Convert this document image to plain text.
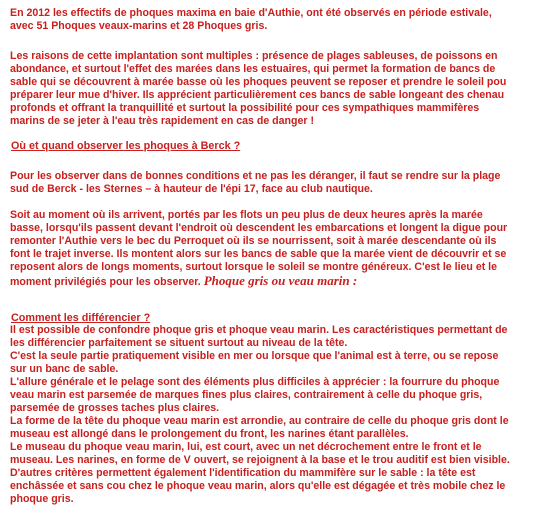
En 2012 les effectifs de phoques maxima en baie d'Authie, ont été observés en période estivale,
avec 51 Phoques veaux-marins et 28 Phoques gris.

Les raisons de cette implantation sont multiples : présence de plages sableuses, de poissons en
abondance, et surtout l'effet des marées dans les estuaires, qui permet la formation de bancs de
sable qui se découvrent à marée basse où les phoques peuvent se reposer et prendre le soleil pou
préparer leur mue d'hiver. Ils apprécient particulièrement ces bancs de sable longeant des chenau
profonds et offrant la tranquillité et surtout la possibilité pour ces sympathiques mammifères
marins de se jeter à l'eau très rapidement en cas de danger !

Où et quand observer les phoques à Berck ?

Pour les observer dans de bonnes conditions et ne pas les déranger, il faut se rendre sur la plage
sud de Berck - les Sternes – à hauteur de l'épi 17, face au club nautique.

Soit au moment où ils arrivent, portés par les flots un peu plus de deux heures après la marée
basse, lorsqu'ils passent devant l'endroit où descendent les embarcations et longent la digue pour
remonter l'Authie vers le bec du Perroquet où ils se nourrissent, soit à marée descendante où ils
font le trajet inverse. Ils montent alors sur les bancs de sable que la marée vient de découvrir et se
reposent alors de longs moments, surtout lorsque le soleil se montre généreux. C'est le lieu et le
moment privilégiés pour les observer. Phoque gris ou veau marin :

Comment les différencier ?

Il est possible de confondre phoque gris et phoque veau marin. Les caractéristiques permettant de
les différencier parfaitement se situent surtout au niveau de la tête.
C'est la seule partie pratiquement visible en mer ou lorsque que l'animal est à terre, ou se repose
sur un banc de sable.
L'allure générale et le pelage sont des éléments plus difficiles à apprécier : la fourrure du phoque
veau marin est parsemée de marques fines plus claires, contrairement à celle du phoque gris,
parsemée de grosses taches plus claires.
La forme de la tête du phoque veau marin est arrondie, au contraire de celle du phoque gris dont le
museau est allongé dans le prolongement du front, les narines étant parallèles.
Le museau du phoque veau marin, lui, est court, avec un net décrochement entre le front et le
museau. Les narines, en forme de V ouvert, se rejoignent à la base et le trou auditif est bien visible.
D'autres critères permettent également l'identification du mammifère sur le sable : la tête est
enchâssée et sans cou chez le phoque veau marin, alors qu'elle est dégagée et très mobile chez le
phoque gris.
